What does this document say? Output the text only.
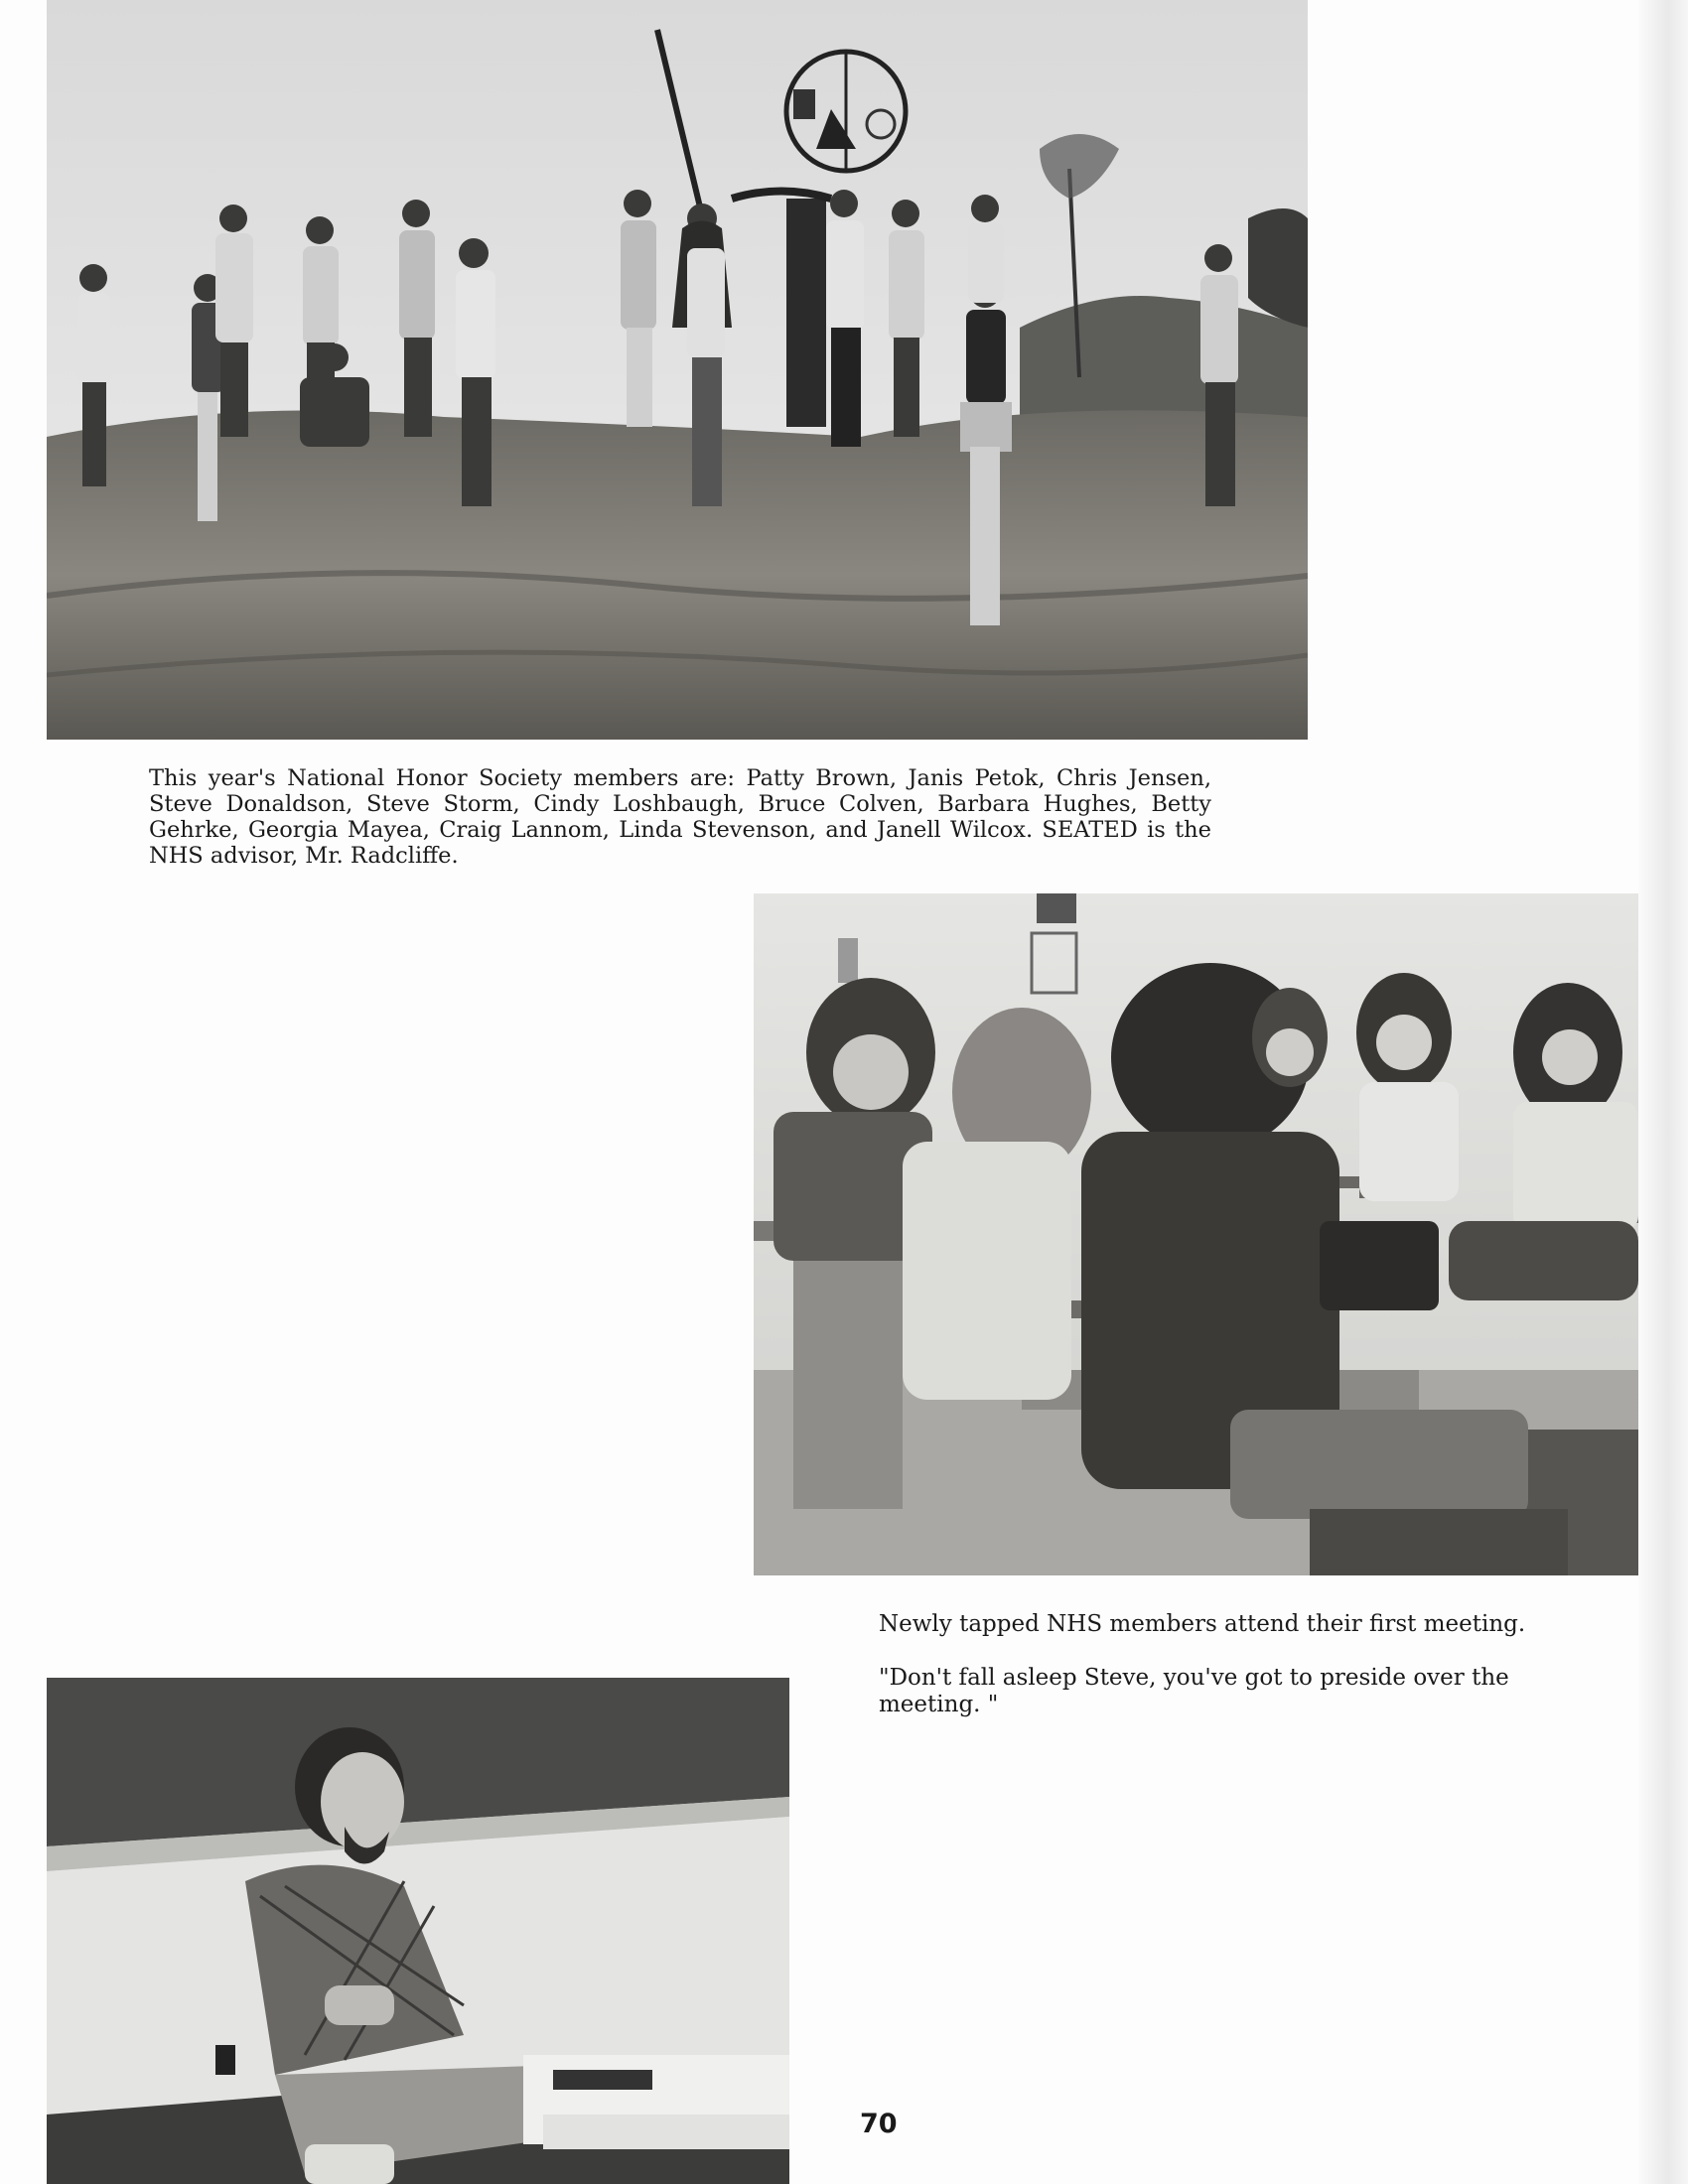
This year's National Honor Society members are: Patty Brown, Janis Petok, Chris Jensen, Steve Donaldson, Steve Storm, Cindy Loshbaugh, Bruce Colven, Barbara Hughes, Betty Gehrke, Georgia Mayea, Craig Lannom, Linda Stevenson, and Janell Wilcox. SEATED is the NHS advisor, Mr. Radcliffe.

Newly tapped NHS members attend their first meeting.

"Don't fall asleep Steve, you've got to preside over the meeting. "

70
